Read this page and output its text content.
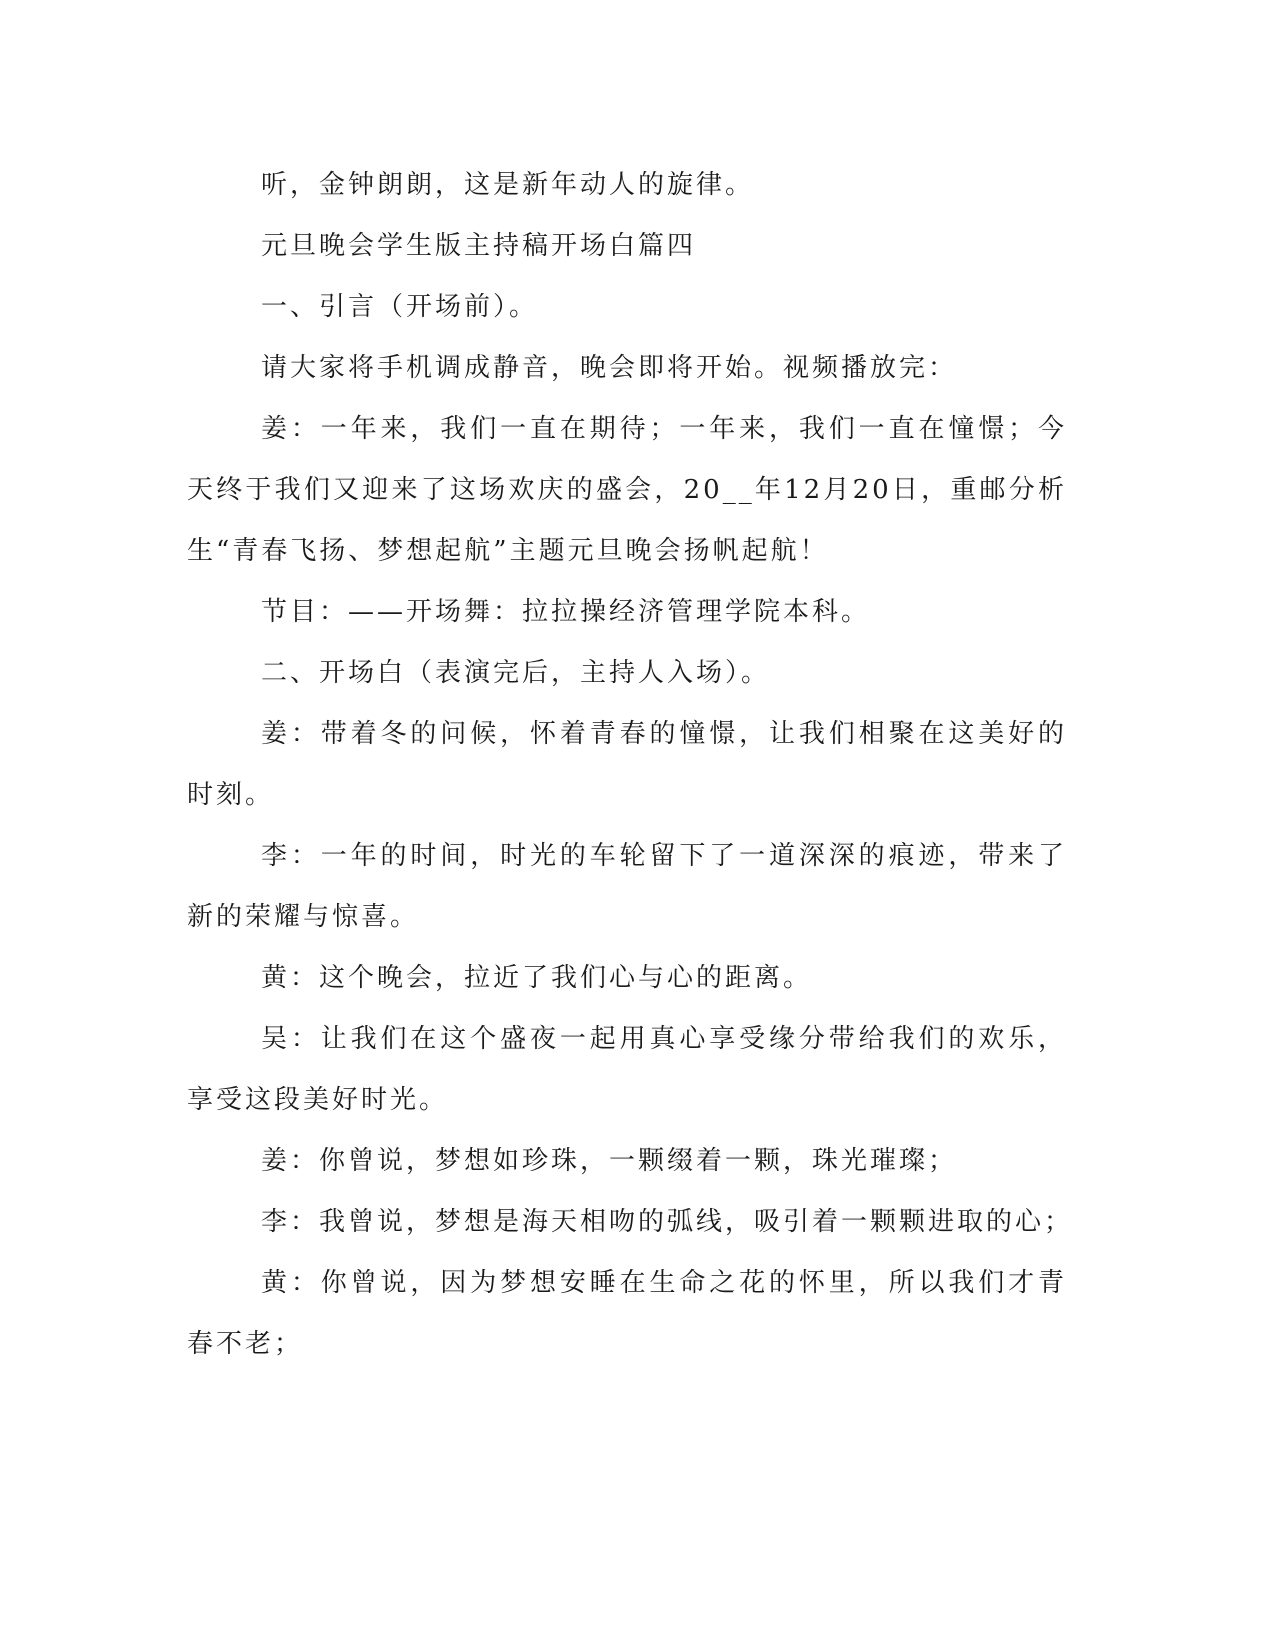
听，金钟朗朗，这是新年动人的旋律。

元旦晚会学生版主持稿开场白篇四

一、引言（开场前）。

请大家将手机调成静音，晚会即将开始。视频播放完：

姜：一年来，我们一直在期待；一年来，我们一直在憧憬；今天终于我们又迎来了这场欢庆的盛会，20__年12月20日，重邮分析生“青春飞扬、梦想起航”主题元旦晚会扬帆起航！

节目：——开场舞：拉拉操经济管理学院本科。

二、开场白（表演完后，主持人入场）。

姜：带着冬的问候，怀着青春的憧憬，让我们相聚在这美好的时刻。

李：一年的时间，时光的车轮留下了一道深深的痕迹，带来了新的荣耀与惊喜。

黄：这个晚会，拉近了我们心与心的距离。

吴：让我们在这个盛夜一起用真心享受缘分带给我们的欢乐，享受这段美好时光。

姜：你曾说，梦想如珍珠，一颗缀着一颗，珠光璀璨；

李：我曾说，梦想是海天相吻的弧线，吸引着一颗颗进取的心；

黄：你曾说，因为梦想安睡在生命之花的怀里，所以我们才青春不老；
